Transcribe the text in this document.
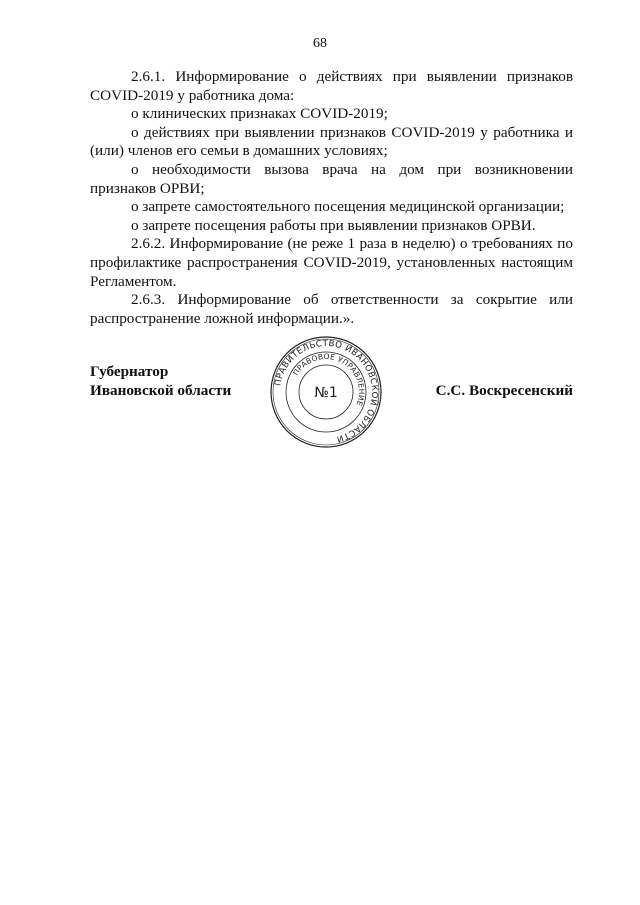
68

2.6.1. Информирование о действиях при выявлении признаков COVID-2019 у работника дома:

о клинических признаках COVID-2019;

о действиях при выявлении признаков COVID-2019 у работника и (или) членов его семьи в домашних условиях;

о необходимости вызова врача на дом при возникновении признаков ОРВИ;

о запрете самостоятельного посещения медицинской организации;

о запрете посещения работы при выявлении признаков ОРВИ.

2.6.2. Информирование (не реже 1 раза в неделю) о требованиях по профилактике распространения COVID-2019, установленных настоящим Регламентом.

2.6.3. Информирование об ответственности за сокрытие или распространение ложной информации.».

Губернатор
Ивановской области	С.С. Воскресенский
ПРАВИТЕЛЬСТВО ИВАНОВСКОЙ ОБЛАСТИ
ПРАВОВОЕ УПРАВЛЕНИЕ
№1
